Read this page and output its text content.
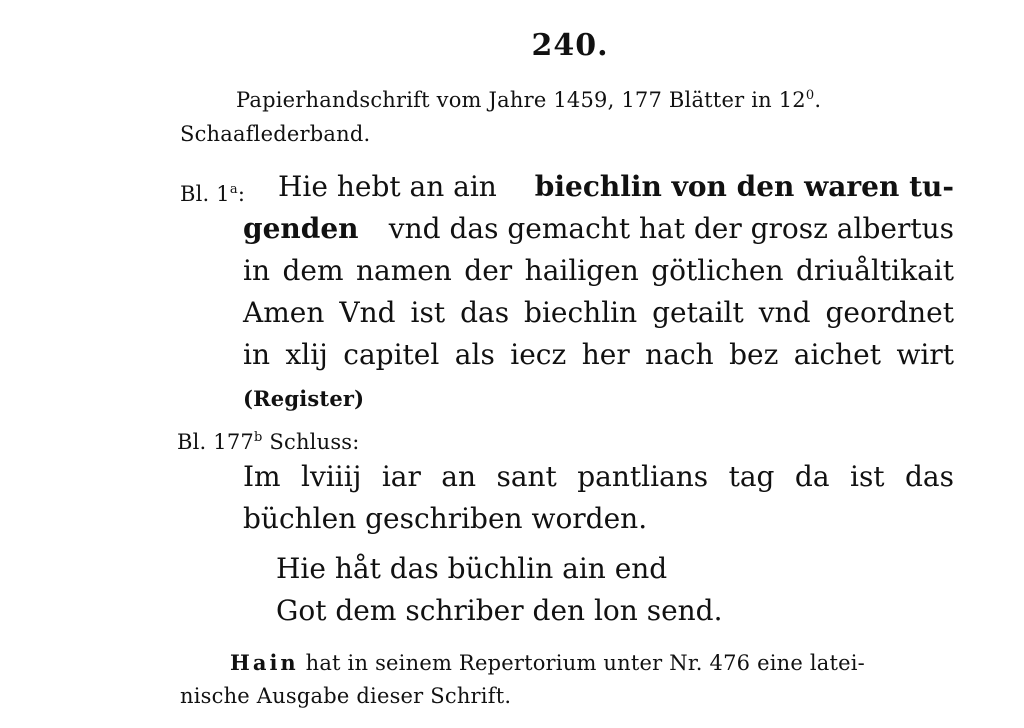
240.
Papierhandschrift vom Jahre 1459, 177 Blätter in $12^0$.
Schaaflederband.
Bl. 1$^a$: Hie hebt an ain biechlin von den waren tu-
genden vnd das gemacht hat der grosz albertus
in dem namen der hailigen götlichen driuåltikait
Amen Vnd ist das biechlin getailt vnd geordnet
in xlij capitel als iecz her nach bez aichet wirt
(Register)
Bl. 177$^b$ Schluss:
Im lviiij iar an sant pantlians tag da ist das
büchlen geschriben worden.
Hie håt das büchlin ain end
Got dem schriber den lon send.
Hain hat in seinem Repertorium unter Nr. 476 eine latei-
nische Ausgabe dieser Schrift.
